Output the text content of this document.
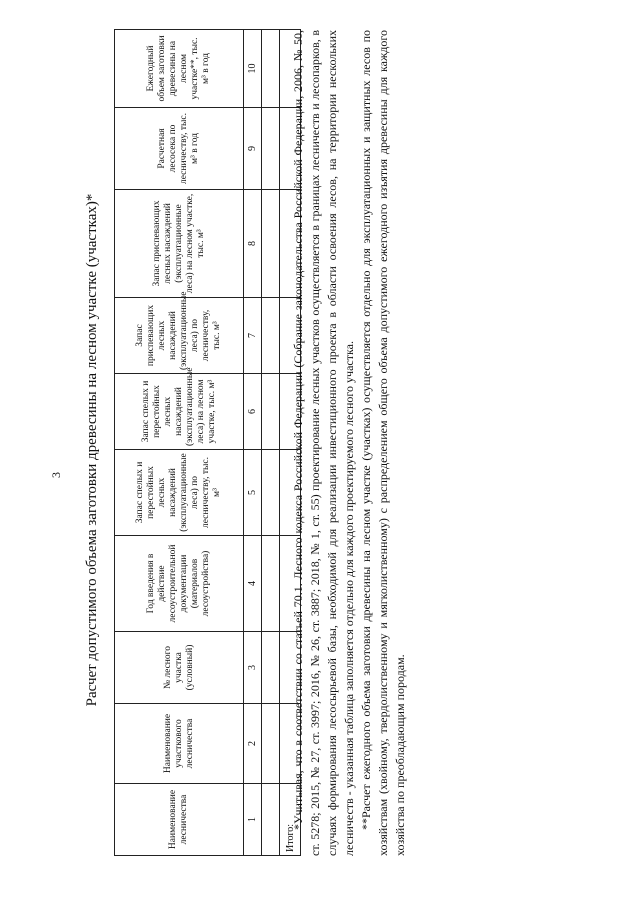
3 Расчет допустимого объема заготовки древесины на лесном участке (участках)*
Наименование лесничества	Наименование участкового лесничества	№ лесного участка (условный)	Год введения в действие лесоустроительной документации (материалов лесоустройства)	Запас спелых и перестойных лесных насаждений (эксплуатационные леса) по лесничеству, тыс. м³	Запас спелых и перестойных лесных насаждений (эксплуатационные леса) на лесном участке, тыс. м³	Запас приспевающих лесных насаждений (эксплуатационные леса) по лесничеству, тыс. м³	Запас приспевающих лесных насаждений (эксплуатационные леса) на лесном участке, тыс. м³	Расчетная лесосека по лесничеству, тыс. м³ в год	Ежегодный объем заготовки древесины на лесном участке**, тыс. м³ в год
1	2	3	4	5	6	7	8	9	10

Итого:									

*Учитывая, что в соответствии со статьей 70.1. Лесного кодекса Российской Федерации (Собрание законодательства Российской Федерации, 2006, № 50, ст. 5278; 2015, № 27, ст. 3997; 2016, № 26, ст. 3887; 2018, № 1, ст. 55) проектирование лесных участков осуществляется в границах лесничеств и лесопарков, в случаях формирования лесосырьевой базы, необходимой для реализации инвестиционного проекта в области освоения лесов, на территории нескольких лесничеств - указанная таблица заполняется отдельно для каждого проектируемого лесного участка. **Расчет ежегодного объема заготовки древесины на лесном участке (участках) осуществляется отдельно для эксплуатационных и защитных лесов по хозяйствам (хвойному, твердолиственному и мягколиственному) с распределением общего объема допустимого ежегодного изъятия древесины для каждого хозяйства по преобладающим породам.
